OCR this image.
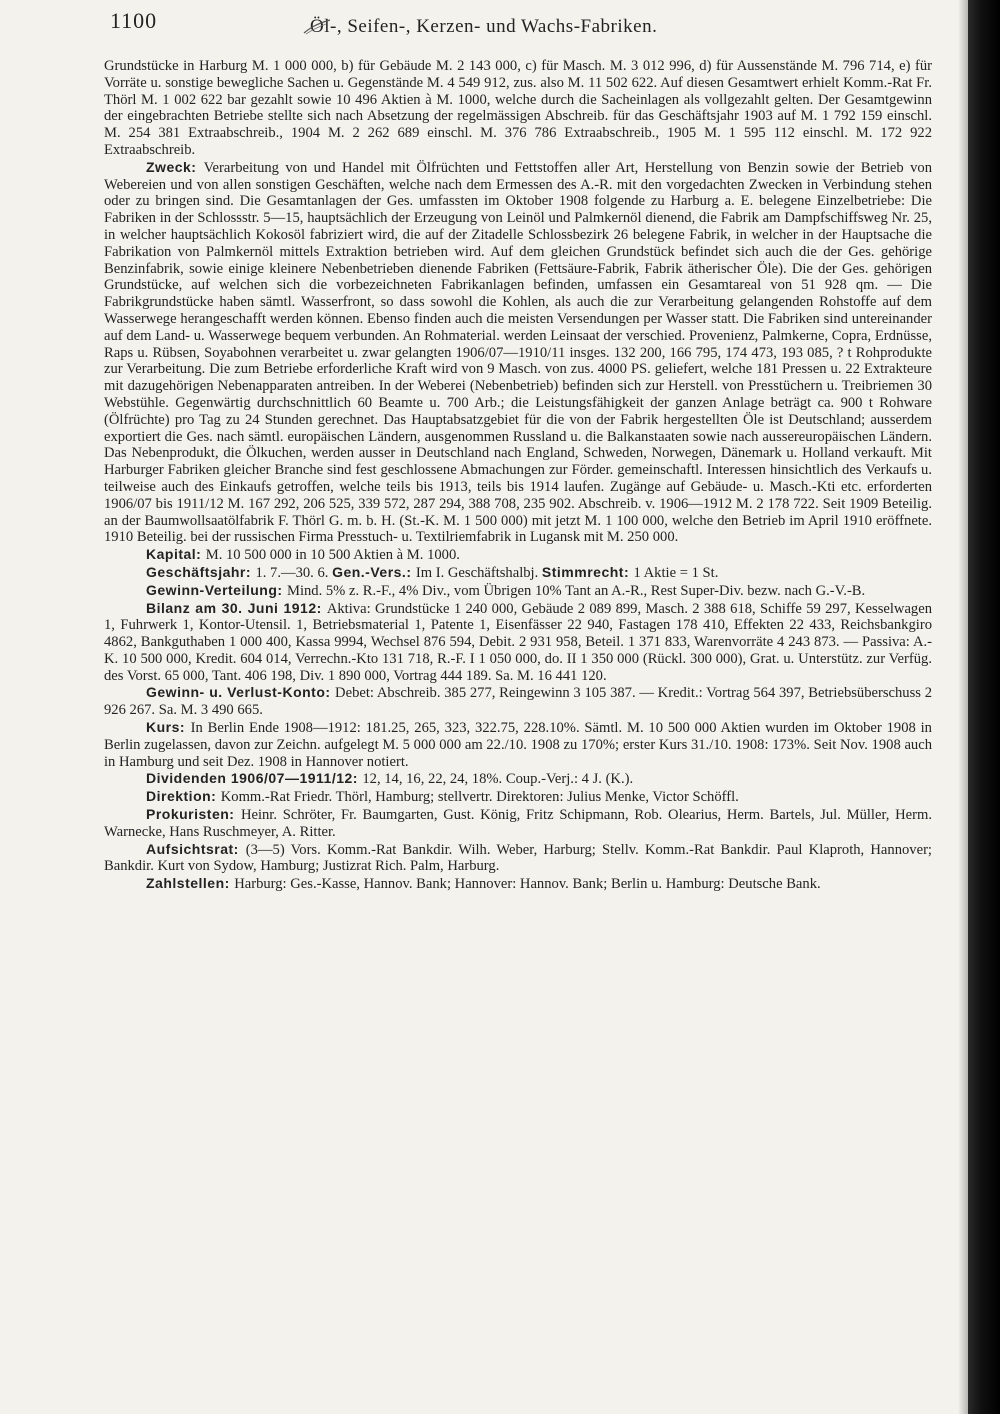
1100	Öl-, Seifen-, Kerzen- und Wachs-Fabriken.

Grundstücke in Harburg M. 1 000 000, b) für Gebäude M. 2 143 000, c) für Masch. M. 3 012 996, d) für Aussenstände M. 796 714, e) für Vorräte u. sonstige bewegliche Sachen u. Gegenstände M. 4 549 912, zus. also M. 11 502 622. Auf diesen Gesamtwert erhielt Komm.-Rat Fr. Thörl M. 1 002 622 bar gezahlt sowie 10 496 Aktien à M. 1000, welche durch die Sacheinlagen als vollgezahlt gelten. Der Gesamtgewinn der eingebrachten Betriebe stellte sich nach Absetzung der regelmässigen Abschreib. für das Geschäftsjahr 1903 auf M. 1 792 159 einschl. M. 254 381 Extraabschreib., 1904 M. 2 262 689 einschl. M. 376 786 Extraabschreib., 1905 M. 1 595 112 einschl. M. 172 922 Extraabschreib.

Zweck: Verarbeitung von und Handel mit Ölfrüchten und Fettstoffen aller Art, Herstellung von Benzin sowie der Betrieb von Webereien und von allen sonstigen Geschäften, welche nach dem Ermessen des A.-R. mit den vorgedachten Zwecken in Verbindung stehen oder zu bringen sind. Die Gesamtanlagen der Ges. umfassten im Oktober 1908 folgende zu Harburg a. E. belegene Einzelbetriebe: Die Fabriken in der Schlossstr. 5—15, hauptsächlich der Erzeugung von Leinöl und Palmkernöl dienend, die Fabrik am Dampfschiffsweg Nr. 25, in welcher hauptsächlich Kokosöl fabriziert wird, die auf der Zitadelle Schlossbezirk 26 belegene Fabrik, in welcher in der Hauptsache die Fabrikation von Palmkernöl mittels Extraktion betrieben wird. Auf dem gleichen Grundstück befindet sich auch die der Ges. gehörige Benzinfabrik, sowie einige kleinere Nebenbetrieben dienende Fabriken (Fettsäure-Fabrik, Fabrik ätherischer Öle). Die der Ges. gehörigen Grundstücke, auf welchen sich die vorbezeichneten Fabrikanlagen befinden, umfassen ein Gesamtareal von 51 928 qm. — Die Fabrikgrundstücke haben sämtl. Wasserfront, so dass sowohl die Kohlen, als auch die zur Verarbeitung gelangenden Rohstoffe auf dem Wasserwege herangeschafft werden können. Ebenso finden auch die meisten Versendungen per Wasser statt. Die Fabriken sind untereinander auf dem Land- u. Wasserwege bequem verbunden. An Rohmaterial. werden Leinsaat der verschied. Provenienz, Palmkerne, Copra, Erdnüsse, Raps u. Rübsen, Soyabohnen verarbeitet u. zwar gelangten 1906/07—1910/11 insges. 132 200, 166 795, 174 473, 193 085, ? t Rohprodukte zur Verarbeitung. Die zum Betriebe erforderliche Kraft wird von 9 Masch. von zus. 4000 PS. geliefert, welche 181 Pressen u. 22 Extrakteure mit dazugehörigen Nebenapparaten antreiben. In der Weberei (Nebenbetrieb) befinden sich zur Herstell. von Presstüchern u. Treibriemen 30 Webstühle. Gegenwärtig durchschnittlich 60 Beamte u. 700 Arb.; die Leistungsfähigkeit der ganzen Anlage beträgt ca. 900 t Rohware (Ölfrüchte) pro Tag zu 24 Stunden gerechnet. Das Hauptabsatzgebiet für die von der Fabrik hergestellten Öle ist Deutschland; ausserdem exportiert die Ges. nach sämtl. europäischen Ländern, ausgenommen Russland u. die Balkanstaaten sowie nach aussereuropäischen Ländern. Das Nebenprodukt, die Ölkuchen, werden ausser in Deutschland nach England, Schweden, Norwegen, Dänemark u. Holland verkauft. Mit Harburger Fabriken gleicher Branche sind fest geschlossene Abmachungen zur Förder. gemeinschaftl. Interessen hinsichtlich des Verkaufs u. teilweise auch des Einkaufs getroffen, welche teils bis 1913, teils bis 1914 laufen. Zugänge auf Gebäude- u. Masch.-Kti etc. erforderten 1906/07 bis 1911/12 M. 167 292, 206 525, 339 572, 287 294, 388 708, 235 902. Abschreib. v. 1906—1912 M. 2 178 722. Seit 1909 Beteilig. an der Baumwollsaatölfabrik F. Thörl G. m. b. H. (St.-K. M. 1 500 000) mit jetzt M. 1 100 000, welche den Betrieb im April 1910 eröffnete. 1910 Beteilig. bei der russischen Firma Presstuch- u. Textilriemfabrik in Lugansk mit M. 250 000.

Kapital: M. 10 500 000 in 10 500 Aktien à M. 1000.

Geschäftsjahr: 1. 7.—30. 6. Gen.-Vers.: Im I. Geschäftshalbj. Stimmrecht: 1 Aktie = 1 St.

Gewinn-Verteilung: Mind. 5% z. R.-F., 4% Div., vom Übrigen 10% Tant an A.-R., Rest Super-Div. bezw. nach G.-V.-B.

Bilanz am 30. Juni 1912: Aktiva: Grundstücke 1 240 000, Gebäude 2 089 899, Masch. 2 388 618, Schiffe 59 297, Kesselwagen 1, Fuhrwerk 1, Kontor-Utensil. 1, Betriebsmaterial 1, Patente 1, Eisenfässer 22 940, Fastagen 178 410, Effekten 22 433, Reichsbankgiro 4862, Bankguthaben 1 000 400, Kassa 9994, Wechsel 876 594, Debit. 2 931 958, Beteil. 1 371 833, Warenvorräte 4 243 873. — Passiva: A.-K. 10 500 000, Kredit. 604 014, Verrechn.-Kto 131 718, R.-F. I 1 050 000, do. II 1 350 000 (Rückl. 300 000), Grat. u. Unterstütz. zur Verfüg. des Vorst. 65 000, Tant. 406 198, Div. 1 890 000, Vortrag 444 189. Sa. M. 16 441 120.

Gewinn- u. Verlust-Konto: Debet: Abschreib. 385 277, Reingewinn 3 105 387. — Kredit.: Vortrag 564 397, Betriebsüberschuss 2 926 267. Sa. M. 3 490 665.

Kurs: In Berlin Ende 1908—1912: 181.25, 265, 323, 322.75, 228.10%. Sämtl. M. 10 500 000 Aktien wurden im Oktober 1908 in Berlin zugelassen, davon zur Zeichn. aufgelegt M. 5 000 000 am 22./10. 1908 zu 170%; erster Kurs 31./10. 1908: 173%. Seit Nov. 1908 auch in Hamburg und seit Dez. 1908 in Hannover notiert.

Dividenden 1906/07—1911/12: 12, 14, 16, 22, 24, 18%. Coup.-Verj.: 4 J. (K.).

Direktion: Komm.-Rat Friedr. Thörl, Hamburg; stellvertr. Direktoren: Julius Menke, Victor Schöffl.

Prokuristen: Heinr. Schröter, Fr. Baumgarten, Gust. König, Fritz Schipmann, Rob. Olearius, Herm. Bartels, Jul. Müller, Herm. Warnecke, Hans Ruschmeyer, A. Ritter.

Aufsichtsrat: (3—5) Vors. Komm.-Rat Bankdir. Wilh. Weber, Harburg; Stellv. Komm.-Rat Bankdir. Paul Klaproth, Hannover; Bankdir. Kurt von Sydow, Hamburg; Justizrat Rich. Palm, Harburg.

Zahlstellen: Harburg: Ges.-Kasse, Hannov. Bank; Hannover: Hannov. Bank; Berlin u. Hamburg: Deutsche Bank.
